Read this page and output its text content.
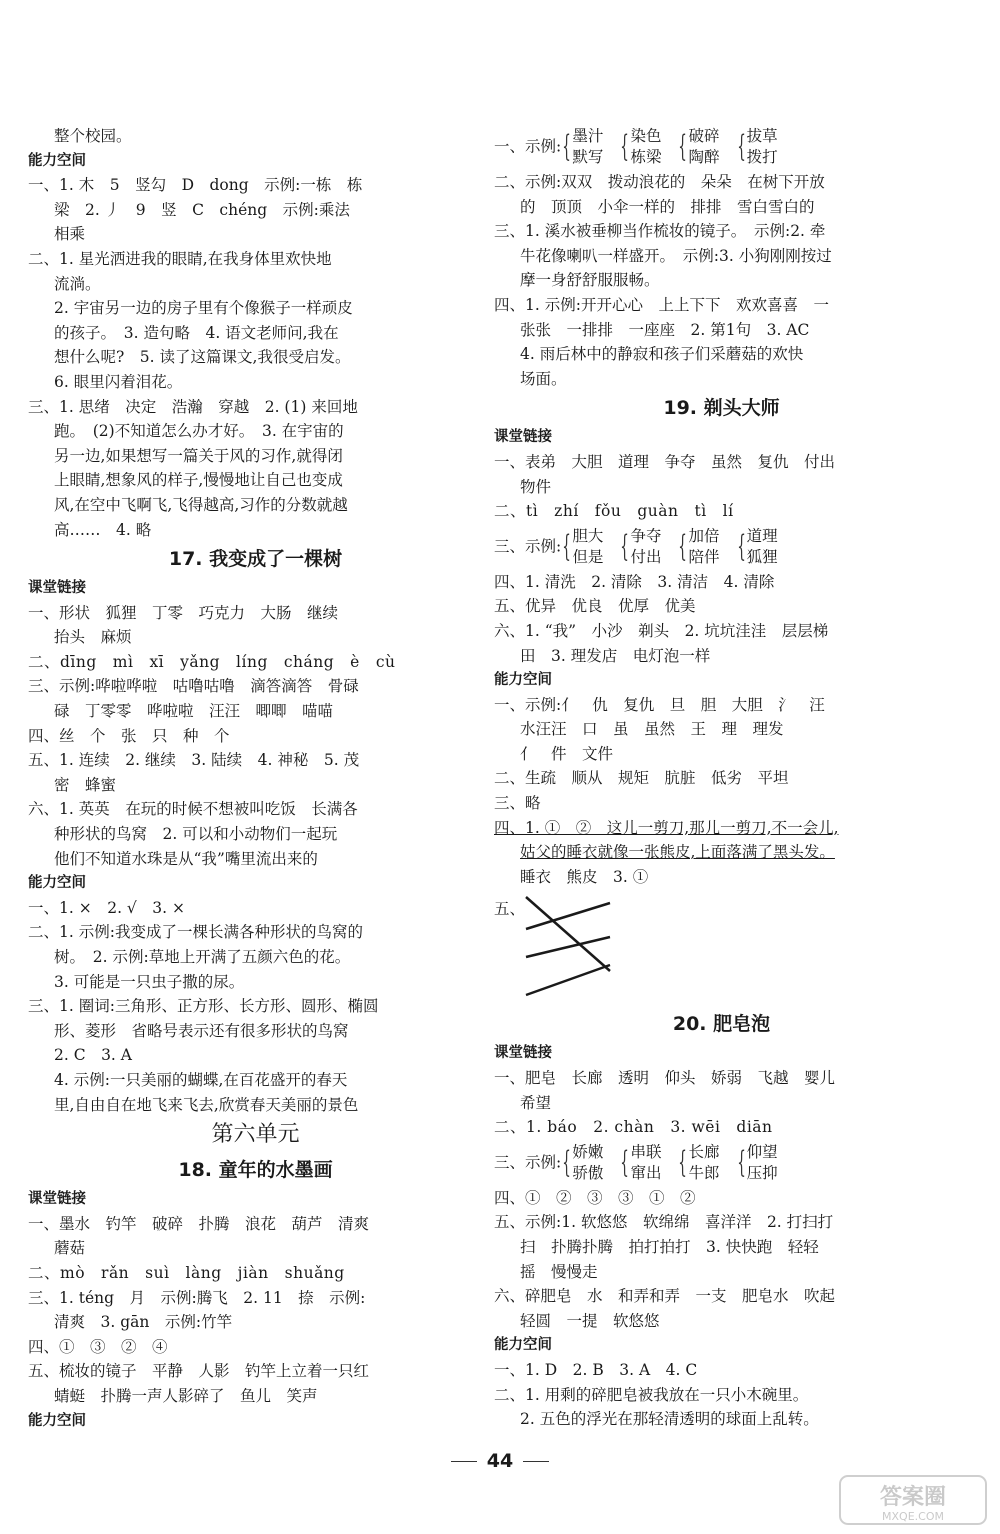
整个校园。
能力空间
一、1. 木　5　竖勾　D　dong　示例:一栋　栋
梁　2. 丿　9　竖　C　chéng　示例:乘法
相乘
二、1. 星光洒进我的眼睛,在我身体里欢快地
流淌。
2. 宇宙另一边的房子里有个像猴子一样顽皮
的孩子。　3. 造句略　4. 语文老师问,我在
想什么呢?　5. 读了这篇课文,我很受启发。
6. 眼里闪着泪花。
三、1. 思绪　决定　浩瀚　穿越　2. (1) 来回地
跑。　(2)不知道怎么办才好。　3. 在宇宙的
另一边,如果想写一篇关于风的习作,就得闭
上眼睛,想象风的样子,慢慢地让自己也变成
风,在空中飞啊飞,飞得越高,习作的分数就越
高……　4. 略
17. 我变成了一棵树
课堂链接
一、形状　狐狸　丁零　巧克力　大肠　继续
抬头　麻烦
二、dīng　mì　xī　yǎng　líng　cháng　è　cù
三、示例:哗啦哗啦　咕噜咕噜　滴答滴答　骨碌
碌　丁零零　哗啦啦　汪汪　唧唧　喵喵
四、丝　个　张　只　种　个
五、1. 连续　2. 继续　3. 陆续　4. 神秘　5. 茂
密　蜂蜜
六、1. 英英　在玩的时候不想被叫吃饭　长满各
种形状的鸟窝　2. 可以和小动物们一起玩
他们不知道水珠是从“我”嘴里流出来的
能力空间
一、1. ×　2. √　3. ×
二、1. 示例:我变成了一棵长满各种形状的鸟窝的
树。　2. 示例:草地上开满了五颜六色的花。
3. 可能是一只虫子撒的尿。
三、1. 圈词:三角形、正方形、长方形、圆形、椭圆
形、菱形　省略号表示还有很多形状的鸟窝
2. C　3. A
4. 示例:一只美丽的蝴蝶,在百花盛开的春天
里,自由自在地飞来飞去,欣赏春天美丽的景色
第六单元
18. 童年的水墨画
课堂链接
一、墨水　钓竿　破碎　扑腾　浪花　葫芦　清爽
蘑菇
二、mò　rǎn　suì　làng　jiàn　shuǎng
三、1. téng　月　示例:腾飞　2. 11　捺　示例:
清爽　3. gān　示例:竹竿
四、①　③　②　④
五、梳妆的镜子　平静　人影　钓竿上立着一只红
蜻蜓　扑腾一声人影碎了　鱼儿　笑声
能力空间
一、示例:{ 墨汁
默写 { 染色
栋梁 { 破碎
陶醉 { 拔草
拨打
二、示例:双双　拨动浪花的　朵朵　在树下开放
的　顶顶　小伞一样的　排排　雪白雪白的
三、1. 溪水被垂柳当作梳妆的镜子。　示例:2. 牵
牛花像喇叭一样盛开。　示例:3. 小狗刚刚按过
摩一身舒舒服服畅。
四、1. 示例:开开心心　上上下下　欢欢喜喜　一
张张　一排排　一座座　2. 第1句　3. AC
4. 雨后林中的静寂和孩子们采蘑菇的欢快
场面。
19. 剃头大师
课堂链接
一、表弟　大胆　道理　争夺　虽然　复仇　付出
物件
二、tì　zhí　fǒu　guàn　tì　lí
三、示例:{ 胆大
但是 { 争夺
付出 { 加倍
陪伴 { 道理
狐狸
四、1. 清洗　2. 清除　3. 清洁　4. 清除
五、优异　优良　优厚　优美
六、1. “我”　小沙　剃头　2. 坑坑洼洼　层层梯
田　3. 理发店　电灯泡一样
能力空间
一、示例:亻　仇　复仇　旦　胆　大胆　氵　汪
水汪汪　口　虽　虽然　王　理　理发
亻　件　文件
二、生疏　顺从　规矩　肮脏　低劣　平坦
三、略
四、1. ①　②　这儿一剪刀,那儿一剪刀,不一会儿,
姑父的睡衣就像一张熊皮,上面落满了黑头发。
睡衣　熊皮　3. ①
五、
20. 肥皂泡
课堂链接
一、肥皂　长廊　透明　仰头　娇弱　飞越　婴儿
希望
二、1. báo　2. chàn　3. wēi　diān
三、示例:{ 娇嫩
骄傲 { 串联
窜出 { 长廊
牛郎 { 仰望
压抑
四、①　②　③　③　①　②
五、示例:1. 软悠悠　软绵绵　喜洋洋　2. 打扫打
扫　扑腾扑腾　拍打拍打　3. 快快跑　轻轻
摇　慢慢走
六、碎肥皂　水　和弄和弄　一支　肥皂水　吹起
轻圆　一提　软悠悠
能力空间
一、1. D　2. B　3. A　4. C
二、1. 用剩的碎肥皂被我放在一只小木碗里。
2. 五色的浮光在那轻清透明的球面上乱转。
44
答案圈
MXQE.COM
